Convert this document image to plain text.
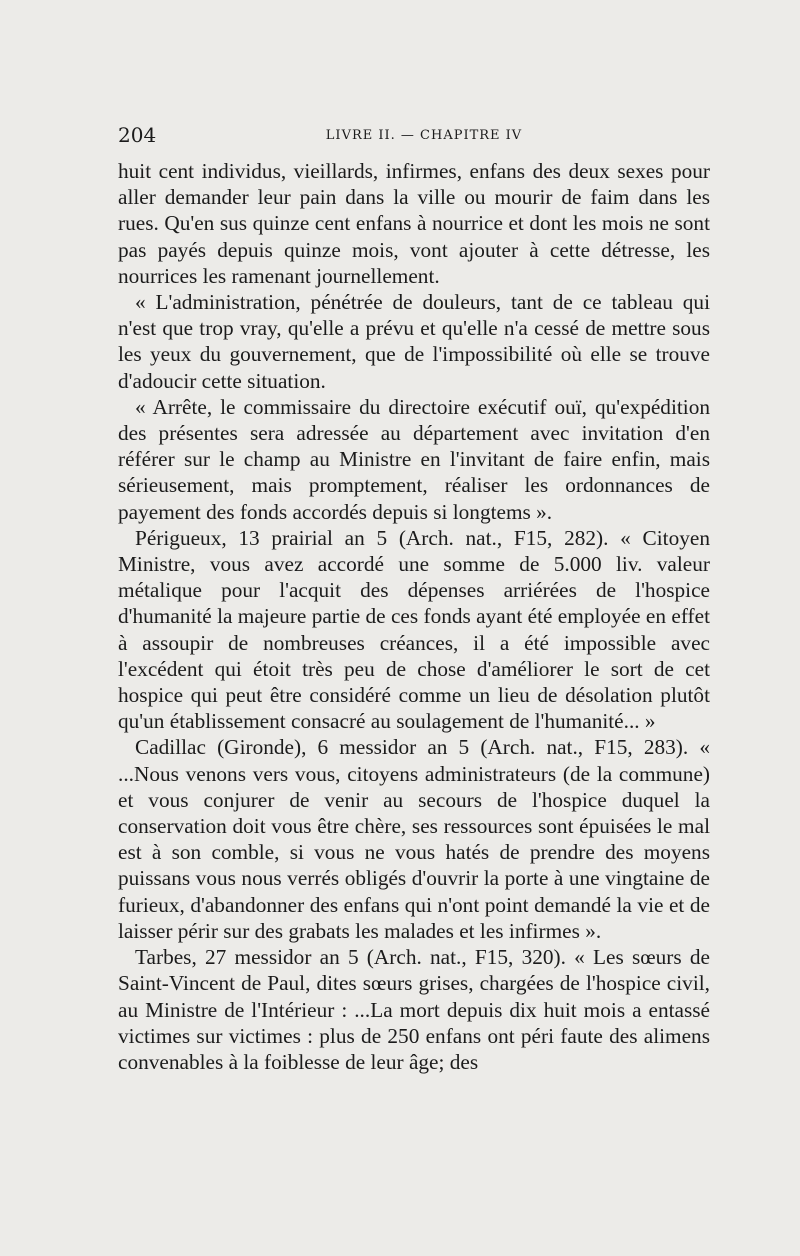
204	LIVRE II. — CHAPITRE IV

huit cent individus, vieillards, infirmes, enfans des deux sexes pour aller demander leur pain dans la ville ou mourir de faim dans les rues. Qu'en sus quinze cent enfans à nourrice et dont les mois ne sont pas payés depuis quinze mois, vont ajouter à cette détresse, les nourrices les ramenant journellement.

« L'administration, pénétrée de douleurs, tant de ce tableau qui n'est que trop vray, qu'elle a prévu et qu'elle n'a cessé de mettre sous les yeux du gouvernement, que de l'impossibilité où elle se trouve d'adoucir cette situation.

« Arrête, le commissaire du directoire exécutif ouï, qu'expédition des présentes sera adressée au département avec invitation d'en référer sur le champ au Ministre en l'invitant de faire enfin, mais sérieusement, mais promptement, réaliser les ordonnances de payement des fonds accordés depuis si longtems ».

Périgueux, 13 prairial an 5 (Arch. nat., F15, 282). « Citoyen Ministre, vous avez accordé une somme de 5.000 liv. valeur métalique pour l'acquit des dépenses arriérées de l'hospice d'humanité la majeure partie de ces fonds ayant été employée en effet à assoupir de nombreuses créances, il a été impossible avec l'excédent qui étoit très peu de chose d'améliorer le sort de cet hospice qui peut être considéré comme un lieu de désolation plutôt qu'un établissement consacré au soulagement de l'humanité... »

Cadillac (Gironde), 6 messidor an 5 (Arch. nat., F15, 283). « ...Nous venons vers vous, citoyens administrateurs (de la commune) et vous conjurer de venir au secours de l'hospice duquel la conservation doit vous être chère, ses ressources sont épuisées le mal est à son comble, si vous ne vous hatés de prendre des moyens puissans vous nous verrés obligés d'ouvrir la porte à une vingtaine de furieux, d'abandonner des enfans qui n'ont point demandé la vie et de laisser périr sur des grabats les malades et les infirmes ».

Tarbes, 27 messidor an 5 (Arch. nat., F15, 320). « Les sœurs de Saint-Vincent de Paul, dites sœurs grises, chargées de l'hospice civil, au Ministre de l'Intérieur : ...La mort depuis dix huit mois a entassé victimes sur victimes : plus de 250 enfans ont péri faute des alimens convenables à la foiblesse de leur âge; des
